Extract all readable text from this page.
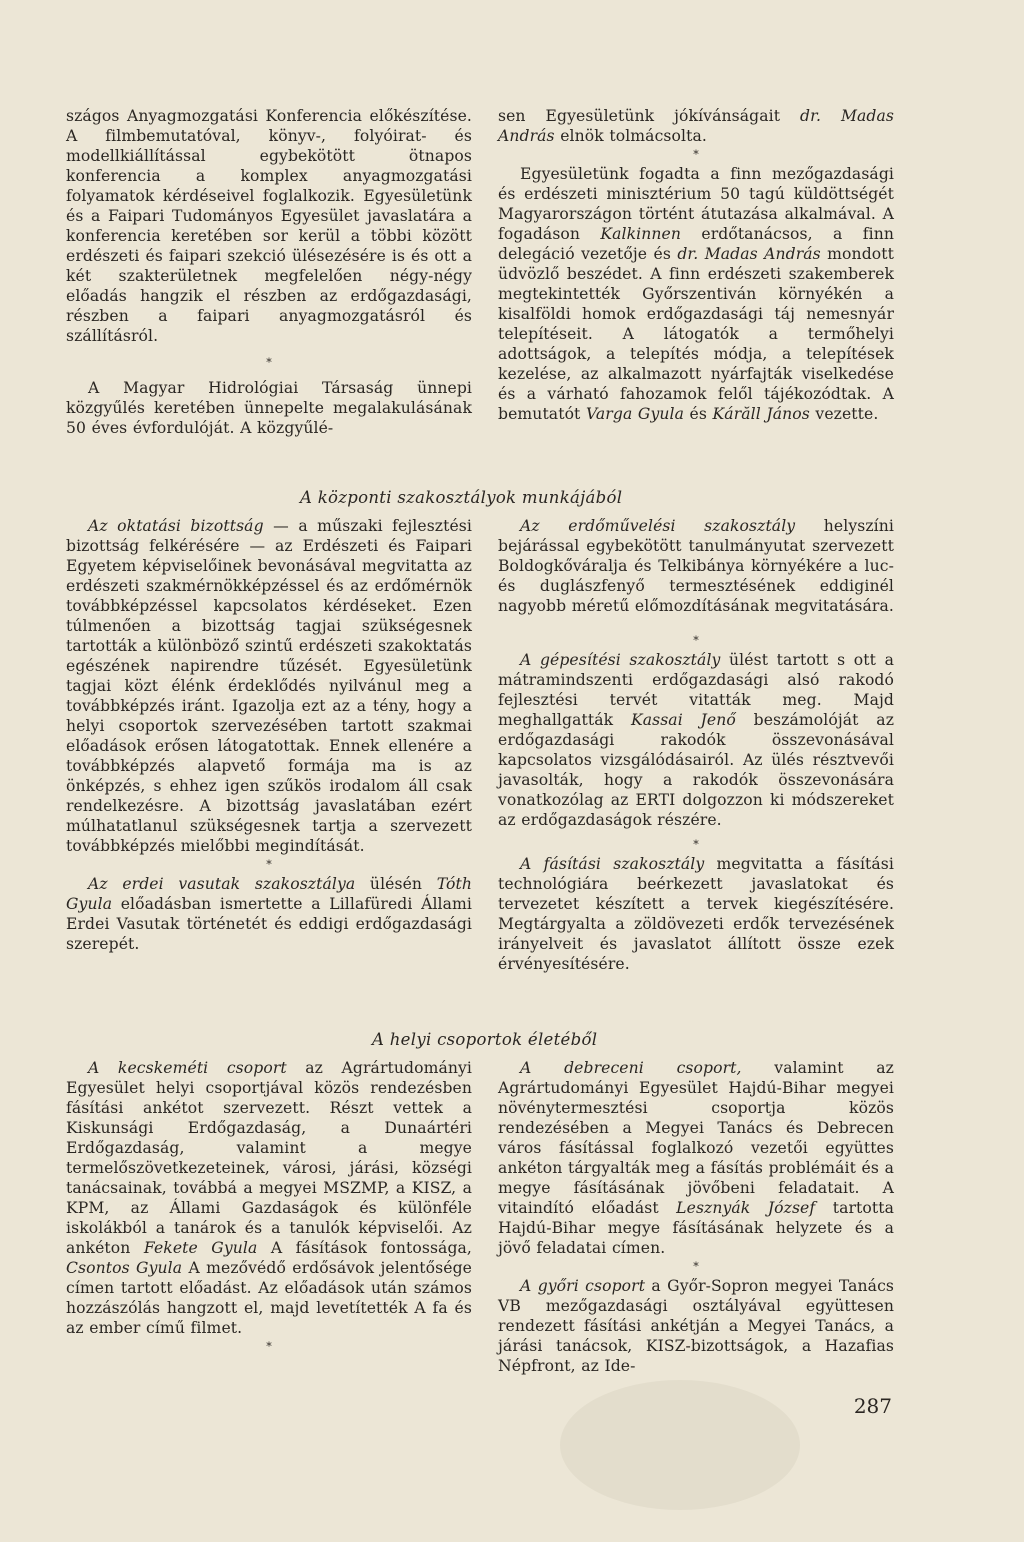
szágos Anyagmozgatási Konferencia előkészítése. A filmbemutatóval, könyv-, folyóirat- és modellkiállítással egybekötött ötnapos konferencia a komplex anyagmozgatási folyamatok kérdéseivel foglalkozik. Egyesületünk és a Faipari Tudományos Egyesület javaslatára a konferencia keretében sor kerül a többi között erdészeti és faipari szekció ülésezésére is és ott a két szakterületnek megfelelően négy-négy előadás hangzik el részben az erdőgazdasági, részben a faipari anyagmozgatásról és szállításról.

*

A Magyar Hidrológiai Társaság ünnepi közgyűlés keretében ünnepelte megalakulásának 50 éves évfordulóját. A közgyűlé-

sen Egyesületünk jókívánságait dr. Madas András elnök tolmácsolta.

*

Egyesületünk fogadta a finn mezőgazdasági és erdészeti minisztérium 50 tagú küldöttségét Magyarországon történt átutazása alkalmával. A fogadáson Kalkinnen erdőtanácsos, a finn delegáció vezetője és dr. Madas András mondott üdvözlő beszédet. A finn erdészeti szakemberek megtekintették Győrszentiván környékén a kisalföldi homok erdőgazdasági táj nemesnyár telepítéseit. A látogatók a termőhelyi adottságok, a telepítés módja, a telepítések kezelése, az alkalmazott nyárfajták viselkedése és a várható fahozamok felől tájékozódtak. A bemutatót Varga Gyula és Kárăll János vezette.

A központi szakosztályok munkájából

Az oktatási bizottság — a műszaki fejlesztési bizottság felkérésére — az Erdészeti és Faipari Egyetem képviselőinek bevonásával megvitatta az erdészeti szakmérnökképzéssel és az erdőmérnök továbbképzéssel kapcsolatos kérdéseket. Ezen túlmenően a bizottság tagjai szükségesnek tartották a különböző szintű erdészeti szakoktatás egészének napirendre tűzését. Egyesületünk tagjai közt élénk érdeklődés nyilvánul meg a továbbképzés iránt. Igazolja ezt az a tény, hogy a helyi csoportok szervezésében tartott szakmai előadások erősen látogatottak. Ennek ellenére a továbbképzés alapvető formája ma is az önképzés, s ehhez igen szűkös irodalom áll csak rendelkezésre. A bizottság javaslatában ezért múlhatatlanul szükségesnek tartja a szervezett továbbképzés mielőbbi megindítását.

*

Az erdei vasutak szakosztálya ülésén Tóth Gyula előadásban ismertette a Lillafüredi Állami Erdei Vasutak történetét és eddigi erdőgazdasági szerepét.

Az erdőművelési szakosztály helyszíni bejárással egybekötött tanulmányutat szervezett Boldogkőváralja és Telkibánya környékére a luc- és duglászfenyő termesztésének eddiginél nagyobb méretű előmozdításának megvitatására.

*

A gépesítési szakosztály ülést tartott s ott a mátramindszenti erdőgazdasági alsó rakodó fejlesztési tervét vitatták meg. Majd meghallgatták Kassai Jenő beszámolóját az erdőgazdasági rakodók összevonásával kapcsolatos vizsgálódásairól. Az ülés résztvevői javasolták, hogy a rakodók összevonására vonatkozólag az ERTI dolgozzon ki módszereket az erdőgazdaságok részére.

*

A fásítási szakosztály megvitatta a fásítási technológiára beérkezett javaslatokat és tervezetet készített a tervek kiegészítésére. Megtárgyalta a zöldövezeti erdők tervezésének irányelveit és javaslatot állított össze ezek érvényesítésére.

A helyi csoportok életéből

A kecskeméti csoport az Agrártudományi Egyesület helyi csoportjával közös rendezésben fásítási ankétot szervezett. Részt vettek a Kiskunsági Erdőgazdaság, a Dunaártéri Erdőgazdaság, valamint a megye termelőszövetkezeteinek, városi, járási, községi tanácsainak, továbbá a megyei MSZMP, a KISZ, a KPM, az Állami Gazdaságok és különféle iskolákból a tanárok és a tanulók képviselői. Az ankéton Fekete Gyula A fásítások fontossága, Csontos Gyula A mezővédő erdősávok jelentősége címen tartott előadást. Az előadások után számos hozzászólás hangzott el, majd levetítették A fa és az ember című filmet.

*

A debreceni csoport, valamint az Agrártudományi Egyesület Hajdú-Bihar megyei növénytermesztési csoportja közös rendezésében a Megyei Tanács és Debrecen város fásítással foglalkozó vezetői együttes ankéton tárgyalták meg a fásítás problémáit és a megye fásításának jövőbeni feladatait. A vitaindító előadást Lesznyák József tartotta Hajdú-Bihar megye fásításának helyzete és a jövő feladatai címen.

*

A győri csoport a Győr-Sopron megyei Tanács VB mezőgazdasági osztályával együttesen rendezett fásítási ankétján a Megyei Tanács, a járási tanácsok, KISZ-bizottságok, a Hazafias Népfront, az Ide-

287
